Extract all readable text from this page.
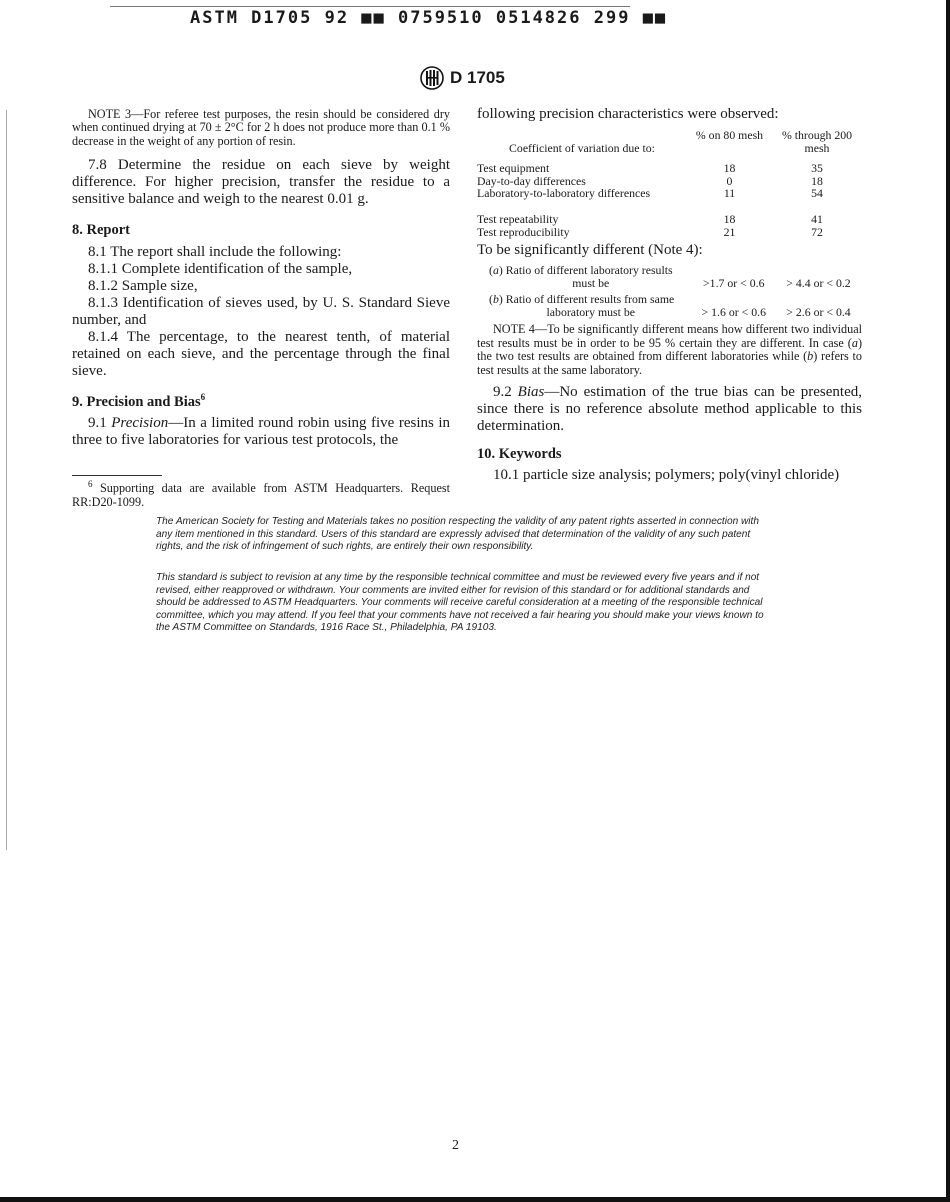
ASTM D1705 92 ■■ 0759510 0514826 299 ■■
D 1705

NOTE 3—For referee test purposes, the resin should be considered dry when continued drying at 70 ± 2°C for 2 h does not produce more than 0.1 % decrease in the weight of any portion of resin.

7.8 Determine the residue on each sieve by weight difference. For higher precision, transfer the residue to a sensitive balance and weigh to the nearest 0.01 g.

8. Report

8.1 The report shall include the following:

8.1.1 Complete identification of the sample,

8.1.2 Sample size,

8.1.3 Identification of sieves used, by U. S. Standard Sieve number, and

8.1.4 The percentage, to the nearest tenth, of material retained on each sieve, and the percentage through the final sieve.

9. Precision and Bias$^6$

9.1 Precision—In a limited round robin using five resins in three to five laboratories for various test protocols, the

$^6$ Supporting data are available from ASTM Headquarters. Request RR:D20-1099.

following precision characteristics were observed:

Coefficient of variation due to:	% on 80 mesh	% through 200 mesh

Test equipment	18	35
Day-to-day differences	0	18
Laboratory-to-laboratory differences	11	54

Test repeatability	18	41
Test reproducibility	21	72

To be significantly different (Note 4):

(a) Ratio of different laboratory results
must be	>1.7 or < 0.6	> 4.4 or < 0.2

(b) Ratio of different results from same
laboratory must be	> 1.6 or < 0.6	> 2.6 or < 0.4

NOTE 4—To be significantly different means how different two individual test results must be in order to be 95 % certain they are different. In case (a) the two test results are obtained from different laboratories while (b) refers to test results at the same laboratory.

9.2 Bias—No estimation of the true bias can be presented, since there is no reference absolute method applicable to this determination.

10. Keywords

10.1 particle size analysis; polymers; poly(vinyl chloride)

The American Society for Testing and Materials takes no position respecting the validity of any patent rights asserted in connection with any item mentioned in this standard. Users of this standard are expressly advised that determination of the validity of any such patent rights, and the risk of infringement of such rights, are entirely their own responsibility.

This standard is subject to revision at any time by the responsible technical committee and must be reviewed every five years and if not revised, either reapproved or withdrawn. Your comments are invited either for revision of this standard or for additional standards and should be addressed to ASTM Headquarters. Your comments will receive careful consideration at a meeting of the responsible technical committee, which you may attend. If you feel that your comments have not received a fair hearing you should make your views known to the ASTM Committee on Standards, 1916 Race St., Philadelphia, PA 19103.

2
